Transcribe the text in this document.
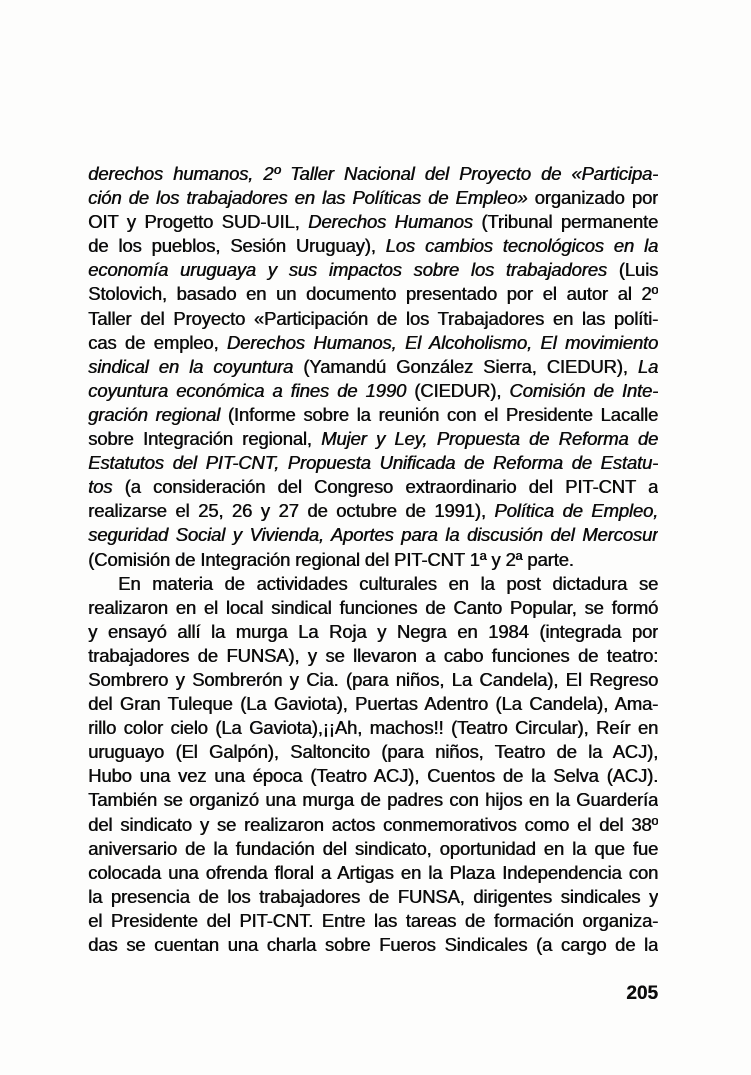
derechos humanos, 2º Taller Nacional del Proyecto de «Participa-
ción de los trabajadores en las Políticas de Empleo» organizado por
OIT y Progetto SUD-UIL, Derechos Humanos (Tribunal permanente
de los pueblos, Sesión Uruguay), Los cambios tecnológicos en la
economía uruguaya y sus impactos sobre los trabajadores (Luis
Stolovich, basado en un documento presentado por el autor al 2º
Taller del Proyecto «Participación de los Trabajadores en las políti-
cas de empleo, Derechos Humanos, El Alcoholismo, El movimiento
sindical en la coyuntura (Yamandú González Sierra, CIEDUR), La
coyuntura económica a fines de 1990 (CIEDUR), Comisión de Inte-
gración regional (Informe sobre la reunión con el Presidente Lacalle
sobre Integración regional, Mujer y Ley, Propuesta de Reforma de
Estatutos del PIT-CNT, Propuesta Unificada de Reforma de Estatu-
tos (a consideración del Congreso extraordinario del PIT-CNT a
realizarse el 25, 26 y 27 de octubre de 1991), Política de Empleo,
seguridad Social y Vivienda, Aportes para la discusión del Mercosur
(Comisión de Integración regional del PIT-CNT 1ª y 2ª parte.
En materia de actividades culturales en la post dictadura se
realizaron en el local sindical funciones de Canto Popular, se formó
y ensayó allí la murga La Roja y Negra en 1984 (integrada por
trabajadores de FUNSA), y se llevaron a cabo funciones de teatro:
Sombrero y Sombrerón y Cia. (para niños, La Candela), El Regreso
del Gran Tuleque (La Gaviota), Puertas Adentro (La Candela), Ama-
rillo color cielo (La Gaviota),¡¡Ah, machos!! (Teatro Circular), Reír en
uruguayo (El Galpón), Saltoncito (para niños, Teatro de la ACJ),
Hubo una vez una época (Teatro ACJ), Cuentos de la Selva (ACJ).
También se organizó una murga de padres con hijos en la Guardería
del sindicato y se realizaron actos conmemorativos como el del 38º
aniversario de la fundación del sindicato, oportunidad en la que fue
colocada una ofrenda floral a Artigas en la Plaza Independencia con
la presencia de los trabajadores de FUNSA, dirigentes sindicales y
el Presidente del PIT-CNT. Entre las tareas de formación organiza-
das se cuentan una charla sobre Fueros Sindicales (a cargo de la
205
